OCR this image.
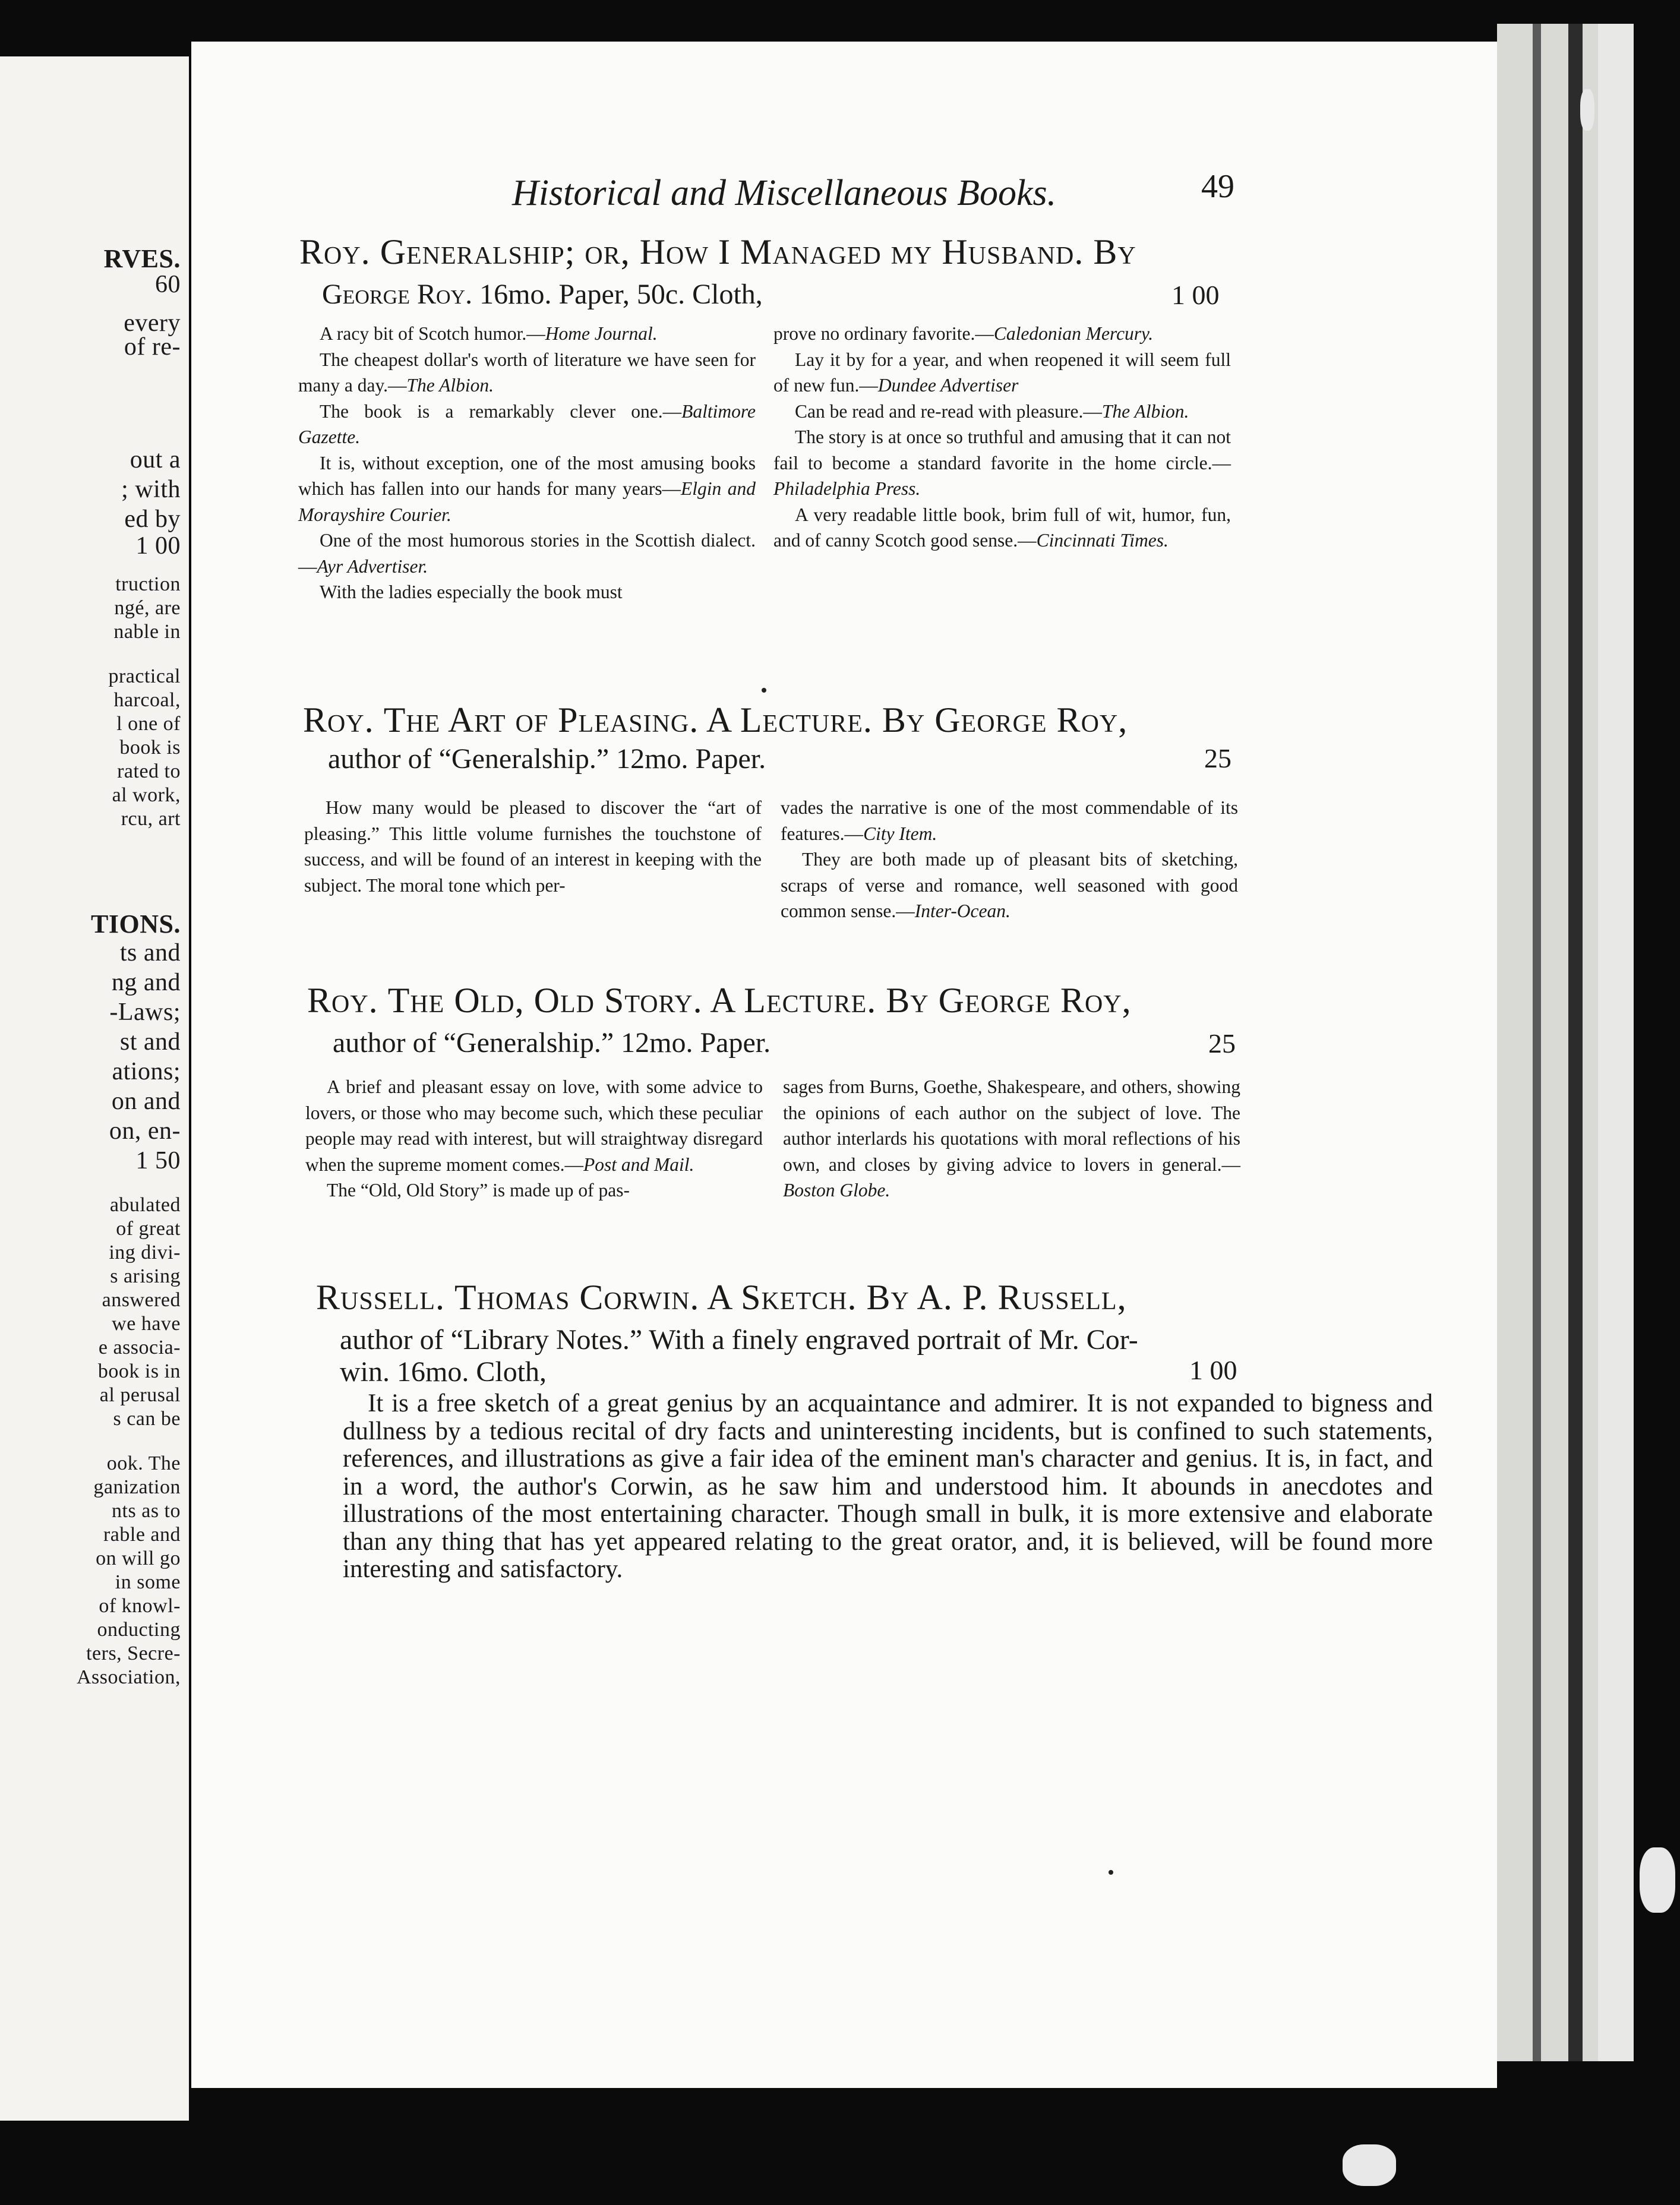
RVES.
60
every
of re-
out a
; with
ed by
1 00
truction
ngé, are
nable in
practical
harcoal,
l one of
book is
rated to
al work,
rcu, art
TIONS.
ts and
ng and
-Laws;
st and
ations;
on and
on, en-
1 50
abulated
of great
ing divi-
s arising
answered
we have
e associa-
book is in
al perusal
s can be
ook. The
ganization
nts as to
rable and
on will go
in some
of knowl-
onducting
ters, Secre-
Association,
Historical and Miscellaneous Books.	49
Roy. Generalship; or, How I Managed my Husband. By
George Roy. 16mo. Paper, 50c. Cloth,	1 00

A racy bit of Scotch humor.—Home Journal.

The cheapest dollar's worth of literature we have seen for many a day.—The Albion.

The book is a remarkably clever one.—Baltimore Gazette.

It is, without exception, one of the most amusing books which has fallen into our hands for many years—Elgin and Morayshire Courier.

One of the most humorous stories in the Scottish dialect.—Ayr Advertiser.

With the ladies especially the book must

prove no ordinary favorite.—Caledonian Mercury.

Lay it by for a year, and when reopened it will seem full of new fun.—Dundee Advertiser

Can be read and re-read with pleasure.—The Albion.

The story is at once so truthful and amusing that it can not fail to become a standard favorite in the home circle.—Philadelphia Press.

A very readable little book, brim full of wit, humor, fun, and of canny Scotch good sense.—Cincinnati Times.

Roy. The Art of Pleasing. A Lecture. By George Roy,
author of “Generalship.” 12mo. Paper.	25

How many would be pleased to discover the “art of pleasing.” This little volume furnishes the touchstone of success, and will be found of an interest in keeping with the subject. The moral tone which per-

vades the narrative is one of the most commendable of its features.—City Item.

They are both made up of pleasant bits of sketching, scraps of verse and romance, well seasoned with good common sense.—Inter-Ocean.

Roy. The Old, Old Story. A Lecture. By George Roy,
author of “Generalship.” 12mo. Paper.	25

A brief and pleasant essay on love, with some advice to lovers, or those who may become such, which these peculiar people may read with interest, but will straightway disregard when the supreme moment comes.—Post and Mail.

The “Old, Old Story” is made up of pas-

sages from Burns, Goethe, Shakespeare, and others, showing the opinions of each author on the subject of love. The author interlards his quotations with moral reflections of his own, and closes by giving advice to lovers in general.—Boston Globe.

Russell. Thomas Corwin. A Sketch. By A. P. Russell,
author of “Library Notes.” With a finely engraved portrait of Mr. Cor-
win. 16mo. Cloth,	1 00

It is a free sketch of a great genius by an acquaintance and admirer. It is not expanded to bigness and dullness by a tedious recital of dry facts and uninteresting incidents, but is confined to such statements, references, and illustrations as give a fair idea of the eminent man's character and genius. It is, in fact, and in a word, the author's Corwin, as he saw him and understood him. It abounds in anecdotes and illustrations of the most entertaining character. Though small in bulk, it is more extensive and elaborate than any thing that has yet appeared relating to the great orator, and, it is believed, will be found more interesting and satisfactory.
